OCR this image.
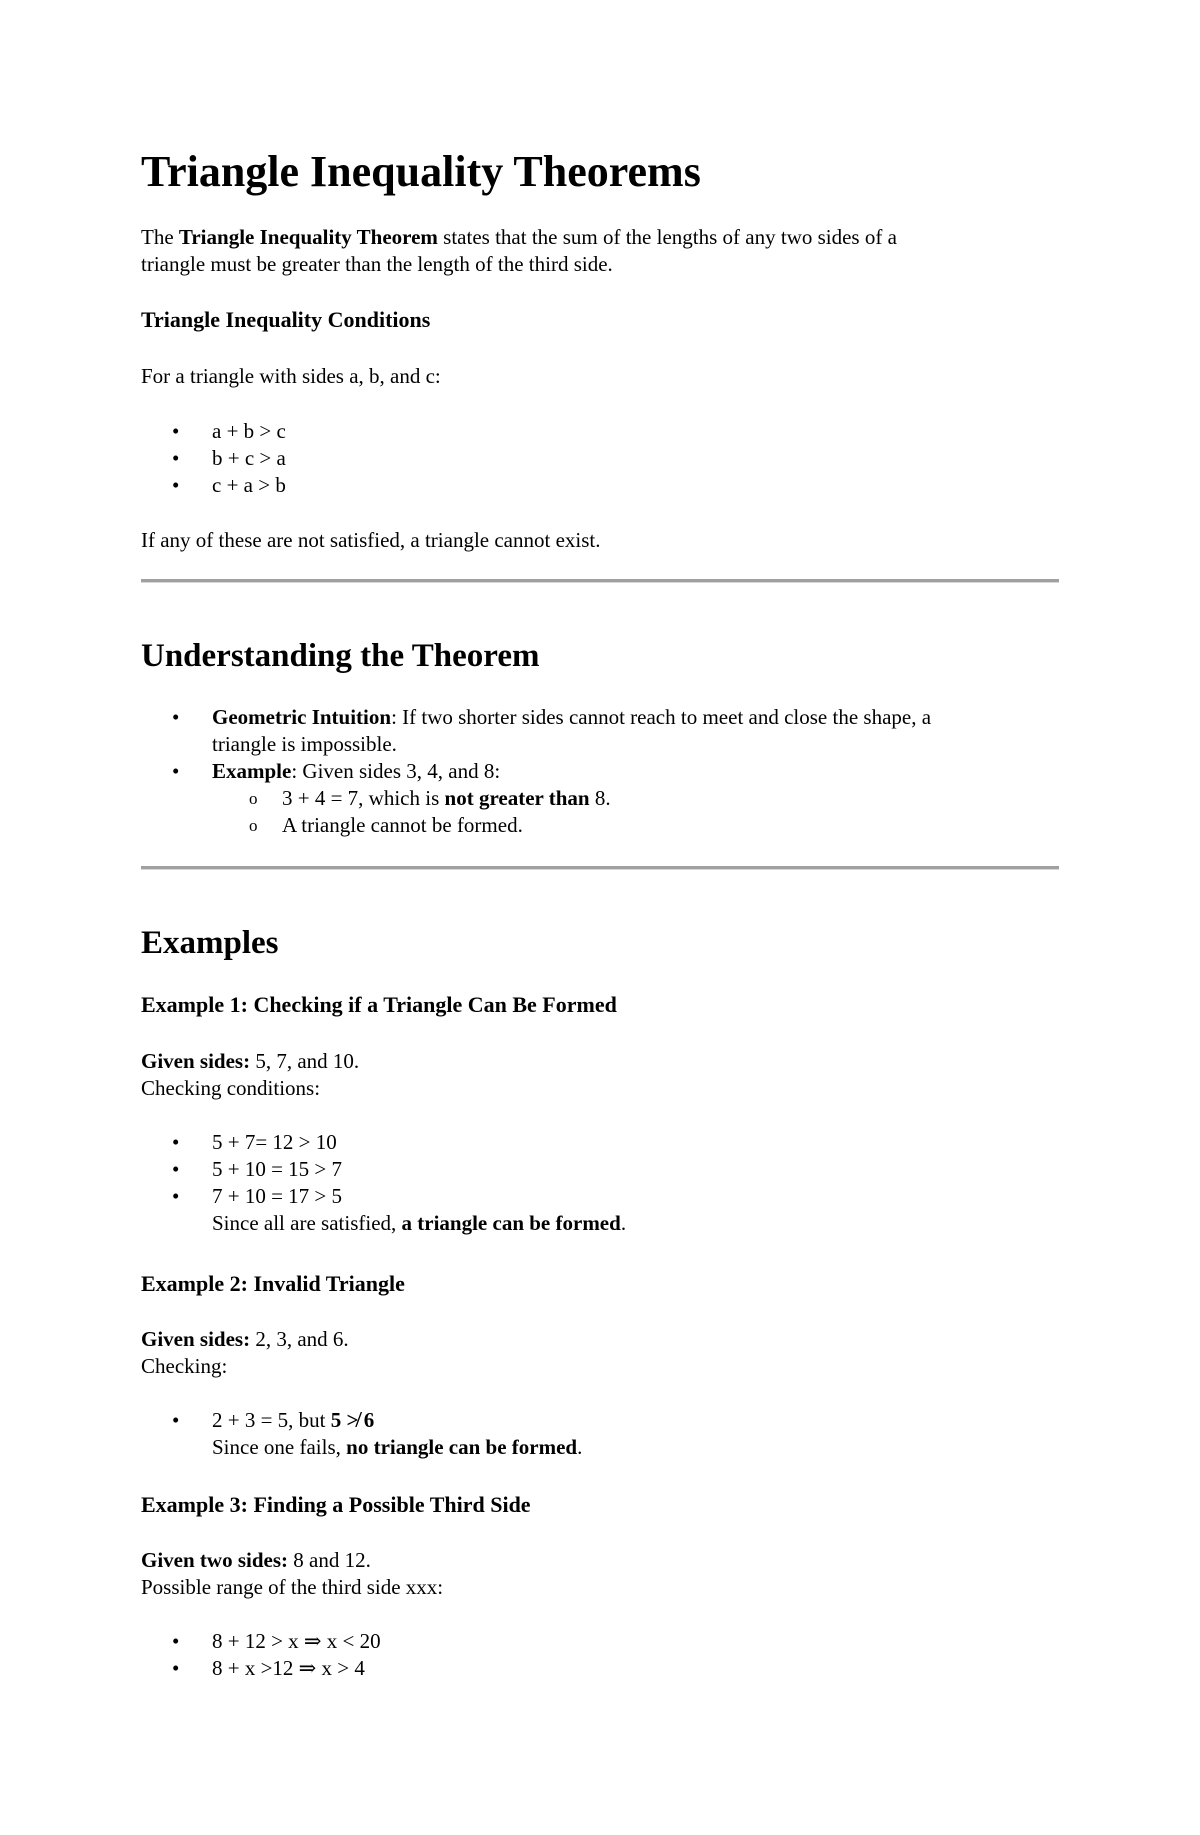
Triangle Inequality Theorems
The Triangle Inequality Theorem states that the sum of the lengths of any two sides of a
triangle must be greater than the length of the third side.
Triangle Inequality Conditions
For a triangle with sides a, b, and c:
• a + b > c
• b + c > a
• c + a > b
If any of these are not satisfied, a triangle cannot exist.
Understanding the Theorem
• Geometric Intuition: If two shorter sides cannot reach to meet and close the shape, a
triangle is impossible.
• Example: Given sides 3, 4, and 8:
o 3 + 4 = 7, which is not greater than 8.
o A triangle cannot be formed.
Examples
Example 1: Checking if a Triangle Can Be Formed
Given sides: 5, 7, and 10.
Checking conditions:
• 5 + 7= 12 > 10
• 5 + 10 = 15 > 7
• 7 + 10 = 17 > 5
Since all are satisfied, a triangle can be formed.
Example 2: Invalid Triangle
Given sides: 2, 3, and 6.
Checking:
• 2 + 3 = 5, but 5 ≯ 6
Since one fails, no triangle can be formed.
Example 3: Finding a Possible Third Side
Given two sides: 8 and 12.
Possible range of the third side xxx:
• 8 + 12 > x ⇒ x < 20
• 8 + x >12 ⇒ x > 4
